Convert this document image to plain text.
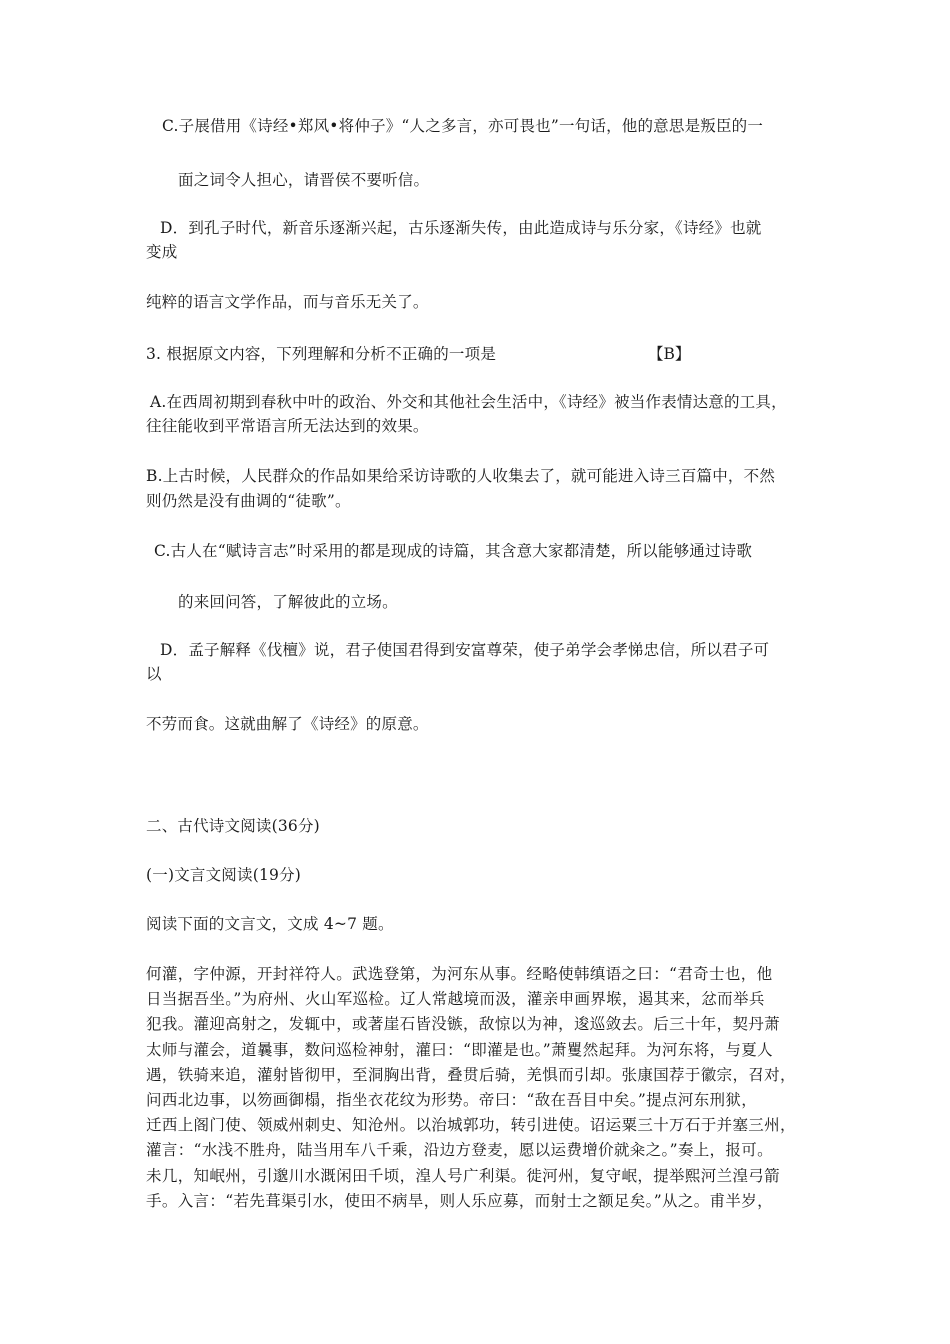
C.子展借用《诗经•郑风•将仲子》“人之多言，亦可畏也”一句话，他的意思是叛臣的一
面之词令人担心，请晋侯不要听信。
D．到孔子时代，新音乐逐渐兴起，古乐逐渐失传，由此造成诗与乐分家，《诗经》也就
变成
纯粹的语言文学作品，而与音乐无关了。
3. 根据原文内容，下列理解和分析不正确的一项是	【B】
A.在西周初期到春秋中叶的政治、外交和其他社会生活中，《诗经》被当作表情达意的工具，
往往能收到平常语言所无法达到的效果。
B.上古时候，人民群众的作品如果给采访诗歌的人收集去了，就可能进入诗三百篇中，不然
则仍然是没有曲调的“徒歌”。
C.古人在“赋诗言志”时采用的都是现成的诗篇，其含意大家都清楚，所以能够通过诗歌
的来回问答，了解彼此的立场。
D．孟子解释《伐檀》说，君子使国君得到安富尊荣，使子弟学会孝悌忠信，所以君子可
以
不劳而食。这就曲解了《诗经》的原意。
二、古代诗文阅读(36分)
(一)文言文阅读(19分)
阅读下面的文言文，文成 4~7 题。
何灌，字仲源，开封祥符人。武选登第，为河东从事。经略使韩缜语之曰：“君奇士也，他
日当据吾坐。”为府州、火山军巡检。辽人常越境而汲，灌亲申画界堠，遏其来，忿而举兵
犯我。灌迎高射之，发辄中，或著崖石皆没镞，敌惊以为神，逡巡敛去。后三十年，契丹萧
太师与灌会，道曩事，数问巡检神射，灌曰：“即灌是也。”萧矍然起拜。为河东将，与夏人
遇，铁骑来追，灌射皆彻甲，至洞胸出背，叠贯后骑，羌惧而引却。张康国荐于徽宗，召对，
问西北边事，以笏画御榻，指坐衣花纹为形势。帝曰：“敌在吾目中矣。”提点河东刑狱，
迁西上阁门使、领威州刺史、知沧州。以治城郭功，转引进使。诏运粟三十万石于并塞三州，
灌言：“水浅不胜舟，陆当用车八千乘，沿边方登麦，愿以运费增价就籴之。”奏上，报可。
未几，知岷州，引邈川水溉闲田千顷，湟人号广利渠。徙河州，复守岷，提举熙河兰湟弓箭
手。入言：“若先葺渠引水，使田不病旱，则人乐应募，而射士之额足矣。”从之。甫半岁，
